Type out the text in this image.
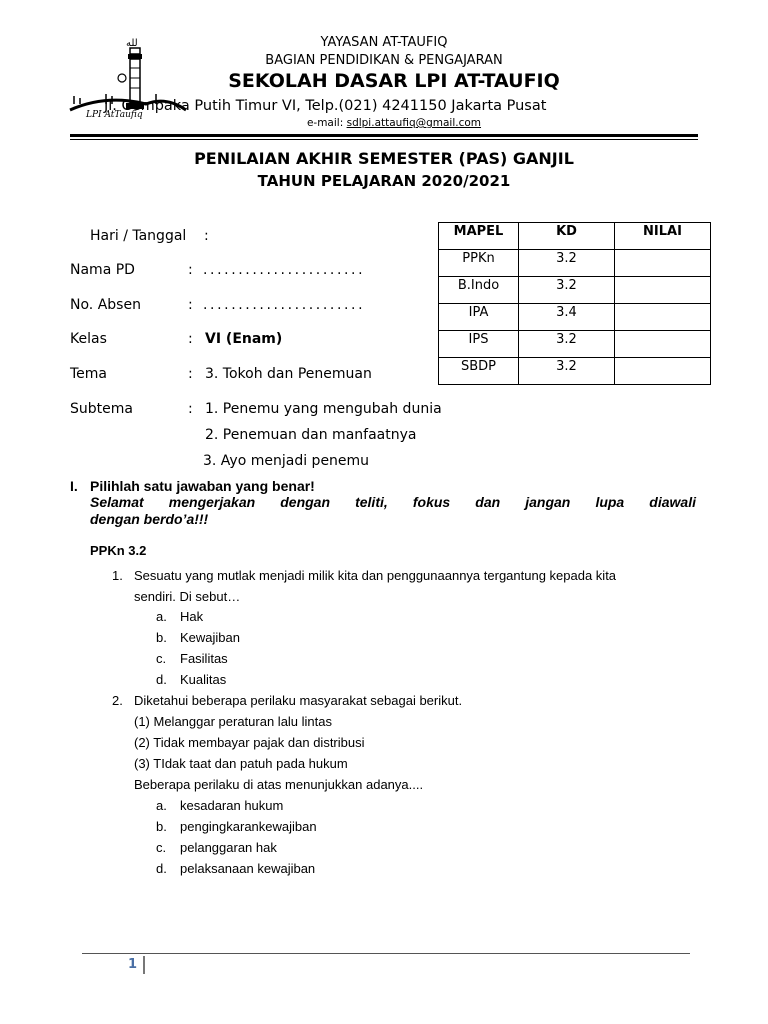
لله
LPI AtTaufiq
YAYASAN AT-TAUFIQ
BAGIAN PENDIDIKAN & PENGAJARAN
SEKOLAH DASAR LPI AT-TAUFIQ
Jl. Cempaka Putih Timur VI, Telp.(021) 4241150 Jakarta Pusat
e-mail: sdlpi.attaufiq@gmail.com
PENILAIAN AKHIR SEMESTER (PAS) GANJIL
TAHUN PELAJARAN 2020/2021
Hari / Tanggal :
Nama PD	: .......................
No. Absen	: .......................
Kelas	: VI (Enam)
Tema	: 3. Tokoh dan Penemuan
Subtema	: 1. Penemu yang mengubah dunia
2. Penemuan dan manfaatnya
3. Ayo menjadi penemu
MAPEL	KD	NILAI
PPKn	3.2	
B.Indo	3.2	
IPA	3.4	
IPS	3.2	
SBDP	3.2	
I. Pilihlah satu jawaban yang benar!
Selamat mengerjakan dengan teliti, fokus dan jangan lupa diawali
dengan berdo’a!!!
PPKn 3.2
1. Sesuatu yang mutlak menjadi milik kita dan penggunaannya tergantung kepada kita
sendiri. Di sebut…
a. Hak
b. Kewajiban
c. Fasilitas
d. Kualitas
2. Diketahui beberapa perilaku masyarakat sebagai berikut.
(1) Melanggar peraturan lalu lintas
(2) Tidak membayar pajak dan distribusi
(3) TIdak taat dan patuh pada hukum
Beberapa perilaku di atas menunjukkan adanya....
a. kesadaran hukum
b. pengingkarankewajiban
c. pelanggaran hak
d. pelaksanaan kewajiban
1
